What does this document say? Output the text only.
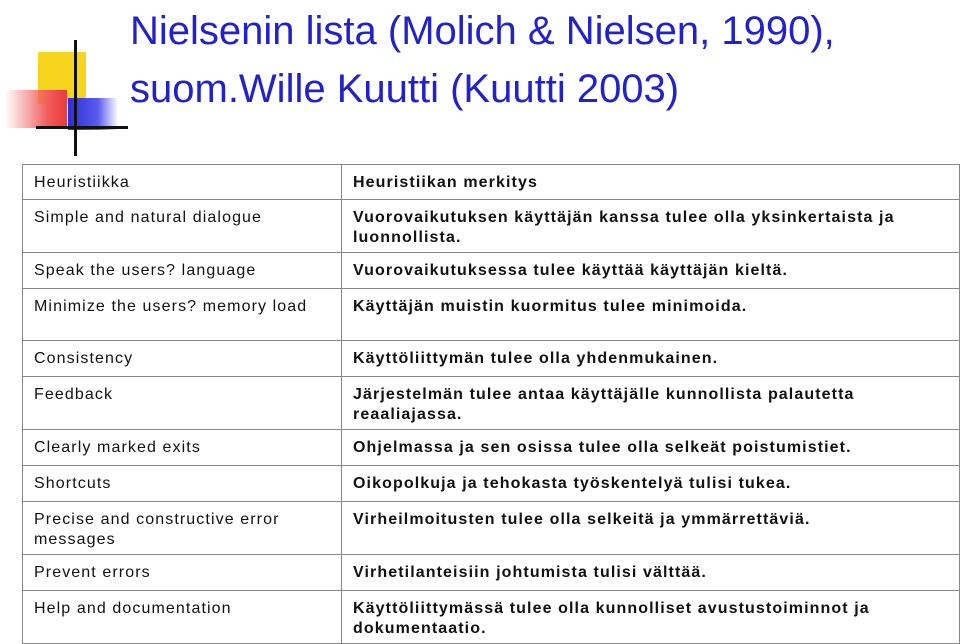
Nielsenin lista (Molich & Nielsen, 1990),
suom.Wille Kuutti (Kuutti 2003)
Heuristiikka	Heuristiikan merkitys
Simple and natural dialogue	Vuorovaikutuksen käyttäjän kanssa tulee olla yksinkertaista ja luonnollista.
Speak the users? language	Vuorovaikutuksessa tulee käyttää käyttäjän kieltä.
Minimize the users? memory load	Käyttäjän muistin kuormitus tulee minimoida.
Consistency	Käyttöliittymän tulee olla yhdenmukainen.
Feedback	Järjestelmän tulee antaa käyttäjälle kunnollista palautetta reaaliajassa.
Clearly marked exits	Ohjelmassa ja sen osissa tulee olla selkeät poistumistiet.
Shortcuts	Oikopolkuja ja tehokasta työskentelyä tulisi tukea.
Precise and constructive error messages	Virheilmoitusten tulee olla selkeitä ja ymmärrettäviä.
Prevent errors	Virhetilanteisiin johtumista tulisi välttää.
Help and documentation	Käyttöliittymässä tulee olla kunnolliset avustustoiminnot ja dokumentaatio.
